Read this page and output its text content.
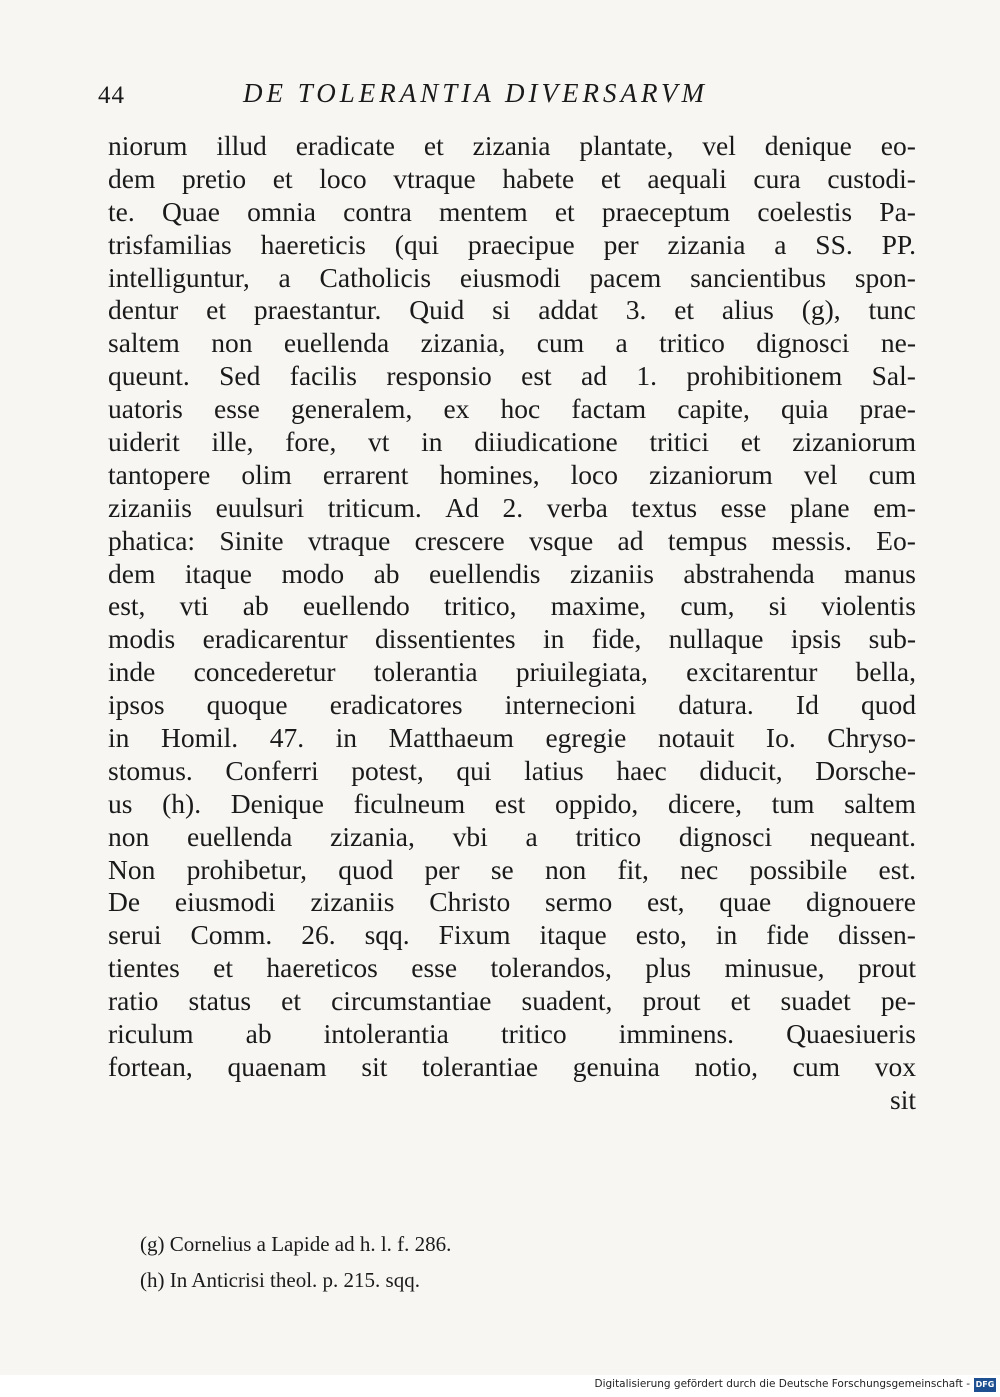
44	DE TOLERANTIA DIVERSARVM
niorum illud eradicate et zizania plantate, vel denique eo-
dem pretio et loco vtraque habete et aequali cura custodi-
te. Quae omnia contra mentem et praeceptum coelestis Pa-
trisfamilias haereticis (qui praecipue per zizania a SS. PP.
intelliguntur, a Catholicis eiusmodi pacem sancientibus spon-
dentur et praestantur. Quid si addat 3. et alius (g), tunc
saltem non euellenda zizania, cum a tritico dignosci ne-
queunt. Sed facilis responsio est ad 1. prohibitionem Sal-
uatoris esse generalem, ex hoc factam capite, quia prae-
uiderit ille, fore, vt in diiudicatione tritici et zizaniorum
tantopere olim errarent homines, loco zizaniorum vel cum
zizaniis euulsuri triticum. Ad 2. verba textus esse plane em-
phatica: Sinite vtraque crescere vsque ad tempus messis. Eo-
dem itaque modo ab euellendis zizaniis abstrahenda manus
est, vti ab euellendo tritico, maxime, cum, si violentis
modis eradicarentur dissentientes in fide, nullaque ipsis sub-
inde concederetur tolerantia priuilegiata, excitarentur bella,
ipsos quoque eradicatores internecioni datura. Id quod
in Homil. 47. in Matthaeum egregie notauit Io. Chryso-
stomus. Conferri potest, qui latius haec diducit, Dorsche-
us (h). Denique ficulneum est oppido, dicere, tum saltem
non euellenda zizania, vbi a tritico dignosci nequeant.
Non prohibetur, quod per se non fit, nec possibile est.
De eiusmodi zizaniis Christo sermo est, quae dignouere
serui Comm. 26. sqq. Fixum itaque esto, in fide dissen-
tientes et haereticos esse tolerandos, plus minusue, prout
ratio status et circumstantiae suadent, prout et suadet pe-
riculum ab intolerantia tritico imminens. Quaesiueris
fortean, quaenam sit tolerantiae genuina notio, cum vox
sit
(g) Cornelius a Lapide ad h. l. f. 286.
(h) In Anticrisi theol. p. 215. sqq.
Digitalisierung gefördert durch die Deutsche Forschungsgemeinschaft - DFG
